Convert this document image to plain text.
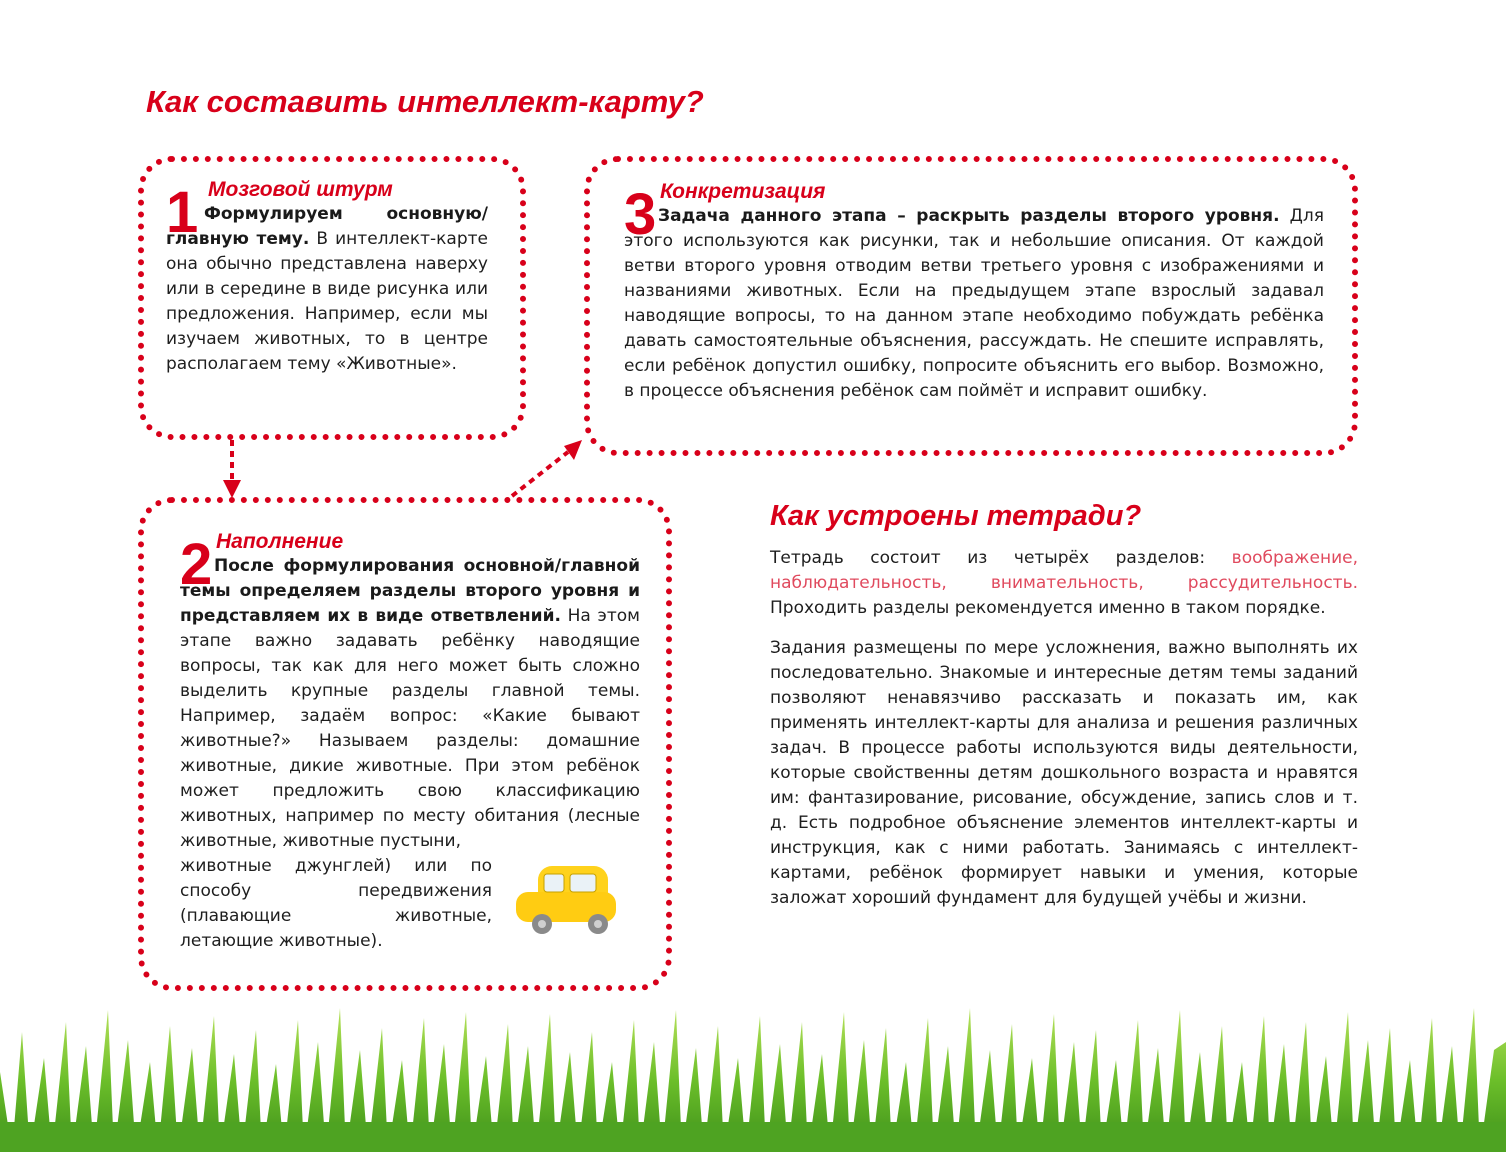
Как составить интеллект-карту?
1 Мозговой штурм

Формулируем основную/главную тему. В интеллект-карте она обычно представлена наверху или в середине в виде рисунка или предложения. Например, если мы изучаем животных, то в центре располагаем тему «Животные».

2 Наполнение

После формулирования основной/главной темы определяем разделы второго уровня и представляем их в виде ответвлений. На этом этапе важно задавать ребёнку наводящие вопросы, так как для него может быть сложно выделить крупные разделы главной темы. Например, задаём вопрос: «Какие бывают животные?» Называем разделы: домашние животные, дикие животные. При этом ребёнок может предложить свою классификацию животных, например по месту обитания (лесные животные, животные пустыни,

животные джунглей) или по способу передвижения (плавающие животные, летающие животные).

3 Конкретизация

Задача данного этапа – раскрыть разделы второго уровня. Для этого используются как рисунки, так и небольшие описания. От каждой ветви второго уровня отводим ветви третьего уровня с изображениями и названиями животных. Если на предыдущем этапе взрослый задавал наводящие вопросы, то на данном этапе необходимо побуждать ребёнка давать самостоятельные объяснения, рассуждать. Не спешите исправлять, если ребёнок допустил ошибку, попросите объяснить его выбор. Возможно, в процессе объяснения ребёнок сам поймёт и исправит ошибку.

Как устроены тетради?

Тетрадь состоит из четырёх разделов: воображение, наблюдательность, внимательность, рассудительность. Проходить разделы рекомендуется именно в таком порядке.

Задания размещены по мере усложнения, важно выполнять их последовательно. Знакомые и интересные детям темы заданий позволяют ненавязчиво рассказать и показать им, как применять интеллект-карты для анализа и решения различных задач. В процессе работы используются виды деятельности, которые свойственны детям дошкольного возраста и нравятся им: фантазирование, рисование, обсуждение, запись слов и т. д. Есть подробное объяснение элементов интеллект-карты и инструкция, как с ними работать. Занимаясь с интеллект-картами, ребёнок формирует навыки и умения, которые заложат хороший фундамент для будущей учёбы и жизни.
